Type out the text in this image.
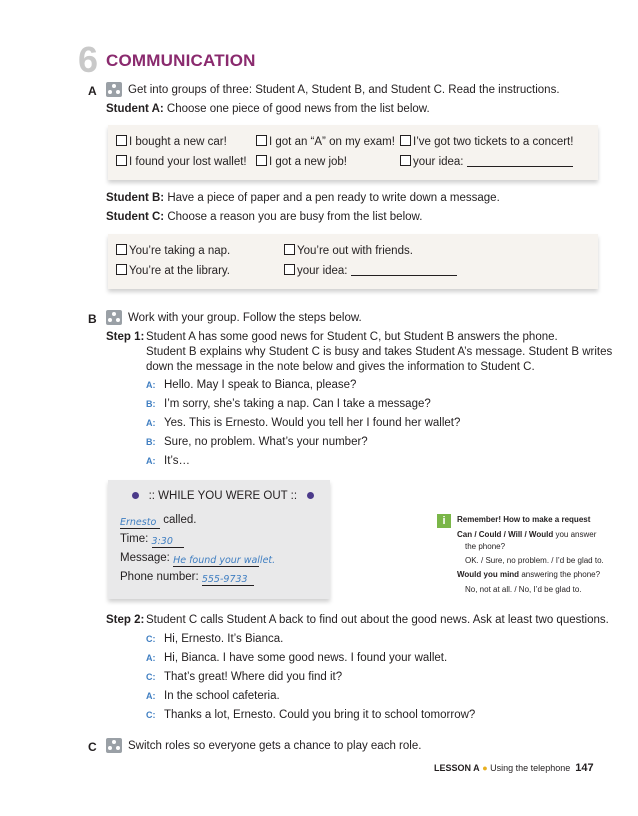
6 COMMUNICATION
A	Get into groups of three: Student A, Student B, and Student C. Read the instructions.
Student A: Choose one piece of good news from the list below.
I bought a new car!	I got an “A” on my exam!	I’ve got two tickets to a concert!
I found your lost wallet!	I got a new job!	your idea:
Student B: Have a piece of paper and a pen ready to write down a message.
Student C: Choose a reason you are busy from the list below.
You’re taking a nap.	You’re out with friends.
You’re at the library.	your idea:
B	Work with your group. Follow the steps below.
Step 1: Student A has some good news for Student C, but Student B answers the phone.
Student B explains why Student C is busy and takes Student A’s message. Student B writes
down the message in the note below and gives the information to Student C.
A: Hello. May I speak to Bianca, please?
B: I’m sorry, she’s taking a nap. Can I take a message?
A: Yes. This is Ernesto. Would you tell her I found her wallet?
B: Sure, no problem. What’s your number?
A: It’s…
:: WHILE YOU WERE OUT ::
Ernesto called.
Time: 3:30
Message: He found your wallet.
Phone number: 555-9733
i	Remember! How to make a request
Can / Could / Will / Would you answer
the phone?
OK. / Sure, no problem. / I’d be glad to.
Would you mind answering the phone?
No, not at all. / No, I’d be glad to.
Step 2: Student C calls Student A back to find out about the good news. Ask at least two questions.
C: Hi, Ernesto. It’s Bianca.
A: Hi, Bianca. I have some good news. I found your wallet.
C: That’s great! Where did you find it?
A: In the school cafeteria.
C: Thanks a lot, Ernesto. Could you bring it to school tomorrow?
C	Switch roles so everyone gets a chance to play each role.
LESSON A ● Using the telephone 147
